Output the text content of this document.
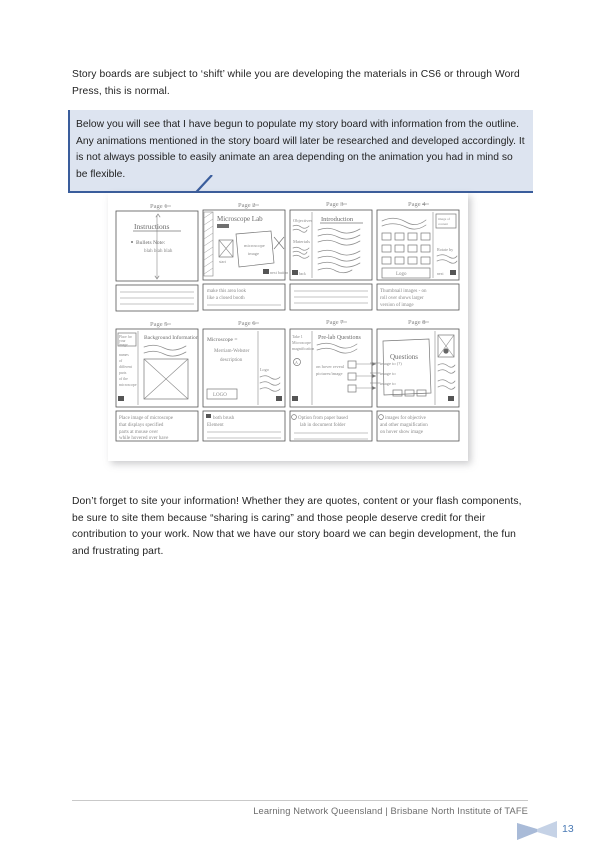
Story boards are subject to ‘shift’ while you are developing the materials in CS6 or through Word Press, this is normal.
Below you will see that I have begun to populate my story board with information from the outline. Any animations mentioned in the story board will later be researched and developed accordingly. It is not always possible to easily animate an area depending on the animation you had in mind so be flexible.
Page 1	Page 2	Page 3	Page 4
Instructions
Bullets Note:
blah blah blah
Microscope Lab
start
microscope
image
next button
make this area look
like a closed booth
Objectives
Materials
back
Introduction
Logo
image of
content
Rotate by
next
Thumbnail images - on
roll over shows larger
version of image
Page 5	Page 6	Page 7	Page 8
Place for
your
image
names
of
different
parts
of the
microscope
Background Information
Place image of microscope
that displays specified
parts at mouse over
while hovered over have
Microscope =
Merriam-Webster
description
LOGO
Logo
both brush
Element
Take 1
Microscope
magnification
A
Pre-lab Questions
on hover reveal
pictures/image
Option from paper based
lab in document folder
Questions
image to (?)
image to
image to
images for objective
and other magnification
on hover show image
Don’t forget to site your information! Whether they are quotes, content or your flash components, be sure to site them because “sharing is caring” and those people deserve credit for their contribution to your work. Now that we have our story board we can begin development, the fun and frustrating part.
Learning Network Queensland | Brisbane North Institute of TAFE
13
